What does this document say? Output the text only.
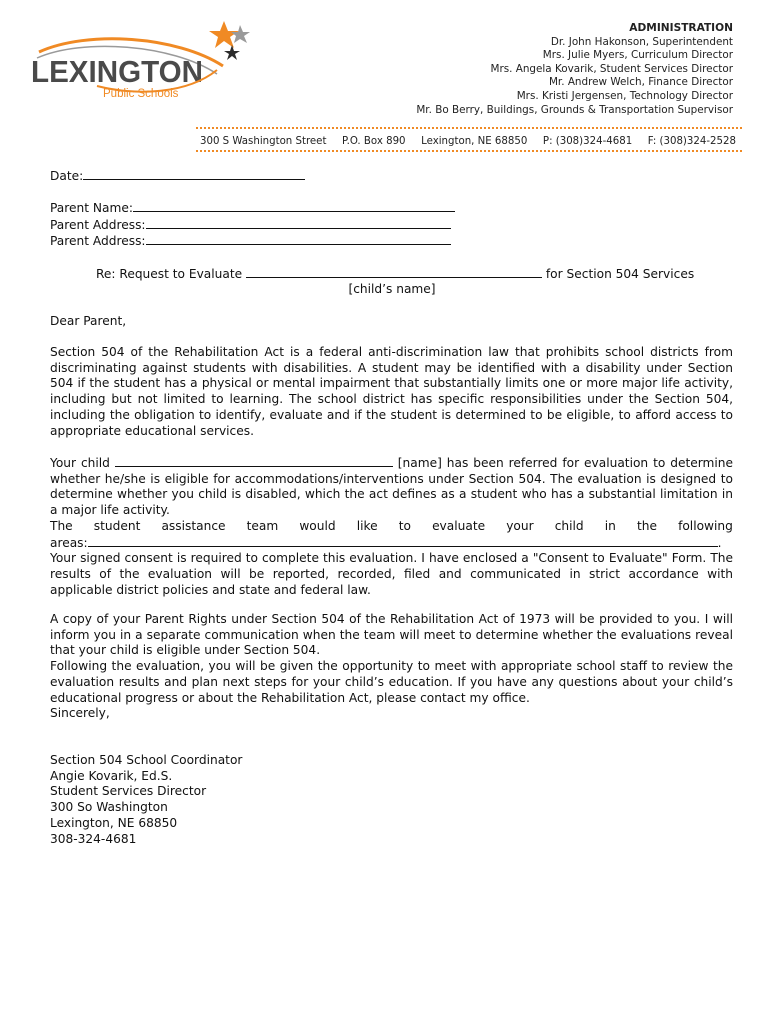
LEXINGTON
Public Schools
ADMINISTRATION
Dr. John Hakonson, Superintendent
Mrs. Julie Myers, Curriculum Director
Mrs. Angela Kovarik, Student Services Director
Mr. Andrew Welch, Finance Director
Mrs. Kristi Jergensen, Technology Director
Mr. Bo Berry, Buildings, Grounds & Transportation Supervisor
300 S Washington Street P.O. Box 890 Lexington, NE 68850 P: (308)324-4681 F: (308)324-2528
Date:
Parent Name:
Parent Address:
Parent Address:
Re: Request to Evaluate	for Section 504 Services
[child’s name]
Dear Parent,
Section 504 of the Rehabilitation Act is a federal anti-discrimination law that prohibits school districts from discriminating against students with disabilities. A student may be identified with a disability under Section 504 if the student has a physical or mental impairment that substantially limits one or more major life activity, including but not limited to learning. The school district has specific responsibilities under the Section 504, including the obligation to identify, evaluate and if the student is determined to be eligible, to afford access to appropriate educational services.

Your child	[name] has been referred for evaluation to determine whether he/she is eligible for accommodations/interventions under Section 504. The evaluation is designed to determine whether you child is disabled, which the act defines as a student who has a substantial limitation in a major life activity.

The student assistance team would like to evaluate your child in the following
areas:	.

Your signed consent is required to complete this evaluation. I have enclosed a "Consent to Evaluate" Form. The results of the evaluation will be reported, recorded, filed and communicated in strict accordance with applicable district policies and state and federal law.

A copy of your Parent Rights under Section 504 of the Rehabilitation Act of 1973 will be provided to you. I will inform you in a separate communication when the team will meet to determine whether the evaluations reveal that your child is eligible under Section 504.

Following the evaluation, you will be given the opportunity to meet with appropriate school staff to review the evaluation results and plan next steps for your child’s education. If you have any questions about your child’s educational progress or about the Rehabilitation Act, please contact my office.

Sincerely,

Section 504 School Coordinator
Angie Kovarik, Ed.S.
Student Services Director
300 So Washington
Lexington, NE 68850
308-324-4681
